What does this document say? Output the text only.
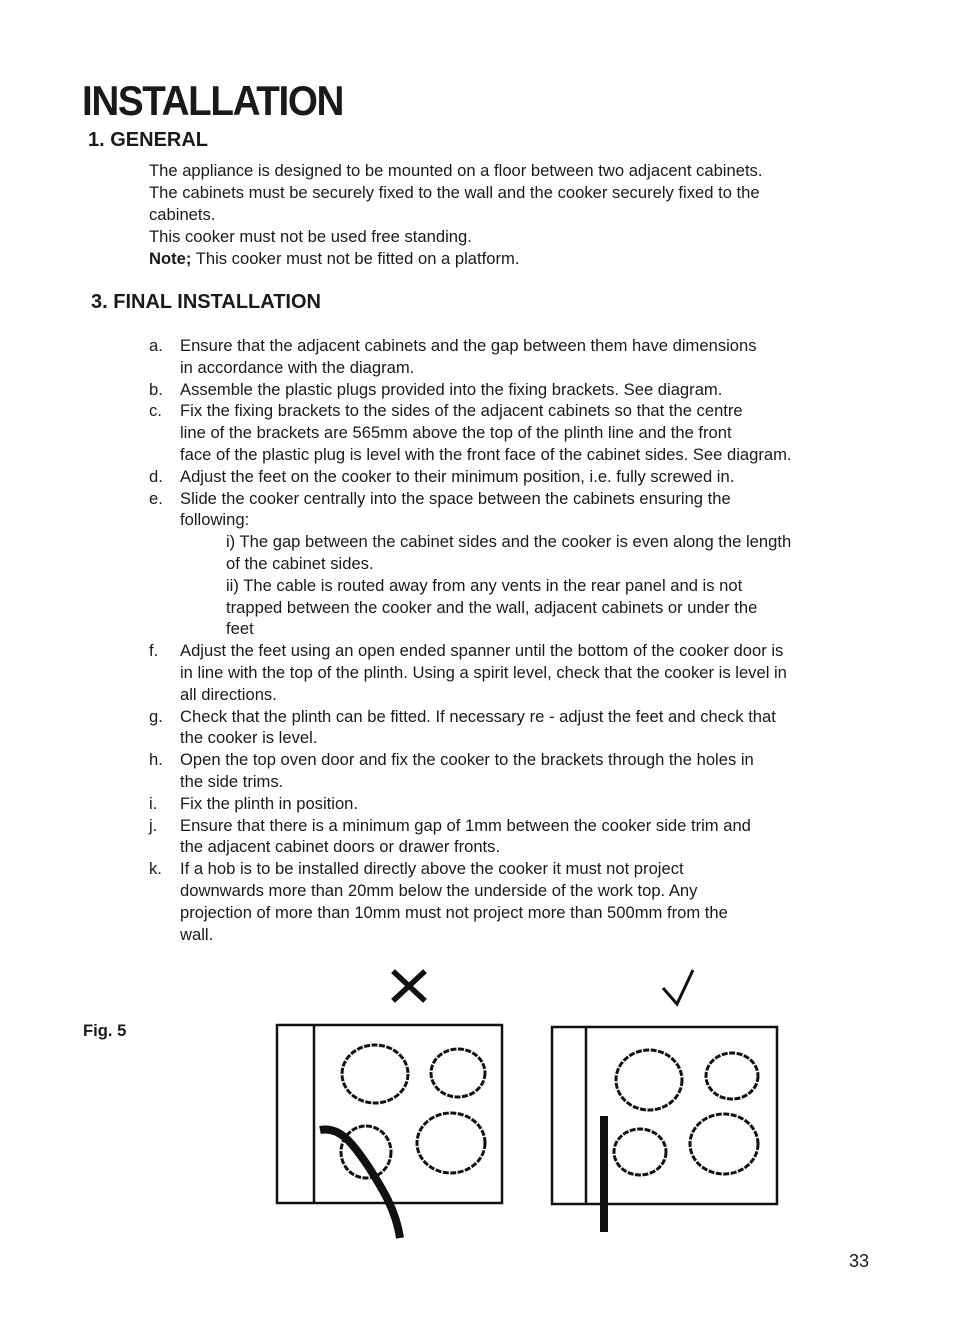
INSTALLATION
1. GENERAL

The appliance is designed to be mounted on a floor between two adjacent cabinets.

The cabinets must be securely fixed to the wall and the cooker securely fixed to the

cabinets.

This cooker must not be used free standing.

Note; This cooker must not be fitted on a platform.

3. FINAL INSTALLATION
a. Ensure that the adjacent cabinets and the gap between them have dimensions
in accordance with the diagram.
b. Assemble the plastic plugs provided into the fixing brackets. See diagram.
c. Fix the fixing brackets to the sides of the adjacent cabinets so that the centre
line of the brackets are 565mm above the top of the plinth line and the front
face of the plastic plug is level with the front face of the cabinet sides. See diagram.
d. Adjust the feet on the cooker to their minimum position, i.e. fully screwed in.
e. Slide the cooker centrally into the space between the cabinets ensuring the
following:
i) The gap between the cabinet sides and the cooker is even along the length
of the cabinet sides.
ii) The cable is routed away from any vents in the rear panel and is not
trapped between the cooker and the wall, adjacent cabinets or under the
feet
f. Adjust the feet using an open ended spanner until the bottom of the cooker door is
in line with the top of the plinth. Using a spirit level, check that the cooker is level in
all directions.
g. Check that the plinth can be fitted. If necessary re - adjust the feet and check that
the cooker is level.
h. Open the top oven door and fix the cooker to the brackets through the holes in
the side trims.
i. Fix the plinth in position.
j. Ensure that there is a minimum gap of 1mm between the cooker side trim and
the adjacent cabinet doors or drawer fronts.
k. If a hob is to be installed directly above the cooker it must not project
downwards more than 20mm below the underside of the work top. Any
projection of more than 10mm must not project more than 500mm from the
wall.
Fig. 5
33
